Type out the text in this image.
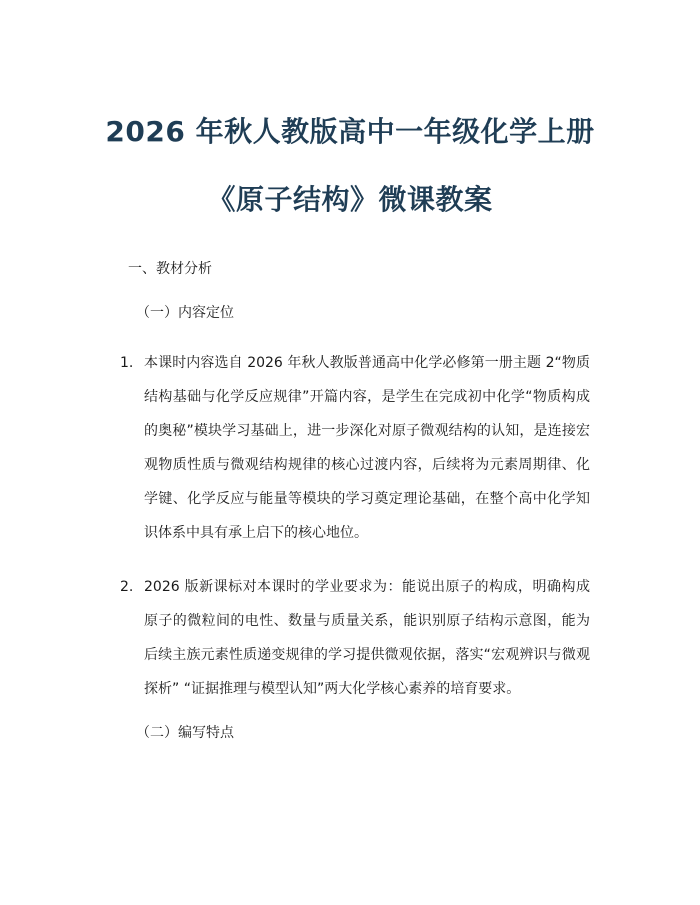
2026 年秋人教版高中一年级化学上册
《原子结构》微课教案
一、教材分析
（一）内容定位
1. 本课时内容选自 2026 年秋人教版普通高中化学必修第一册主题 2“物质结构基础与化学反应规律”开篇内容，是学生在完成初中化学“物质构成的奥秘”模块学习基础上，进一步深化对原子微观结构的认知，是连接宏观物质性质与微观结构规律的核心过渡内容，后续将为元素周期律、化学键、化学反应与能量等模块的学习奠定理论基础，在整个高中化学知识体系中具有承上启下的核心地位。
2. 2026 版新课标对本课时的学业要求为：能说出原子的构成，明确构成原子的微粒间的电性、数量与质量关系，能识别原子结构示意图，能为后续主族元素性质递变规律的学习提供微观依据，落实“宏观辨识与微观探析” “证据推理与模型认知”两大化学核心素养的培育要求。
（二）编写特点
